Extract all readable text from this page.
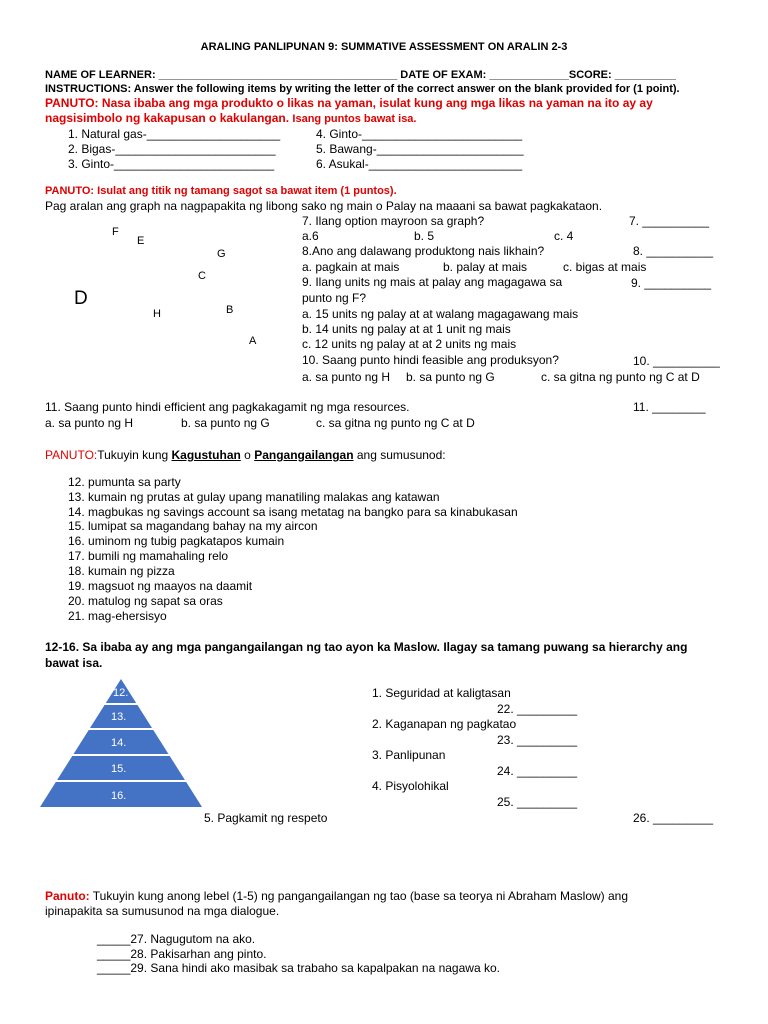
ARALING PANLIPUNAN 9: SUMMATIVE ASSESSMENT ON ARALIN 2-3
NAME OF LEARNER: _______________________________________ DATE OF EXAM: _____________SCORE: __________
INSTRUCTIONS: Answer the following items by writing the letter of the correct answer on the blank provided for (1 point).
PANUTO: Nasa ibaba ang mga produkto o likas na yaman, isulat kung ang mga likas na yaman na ito ay ay
nagsisimbolo ng kakapusan o kakulangan. Isang puntos bawat isa.
1. Natural gas-____________________
2. Bigas-________________________
3. Ginto-________________________
4. Ginto-________________________
5. Bawang-______________________
6. Asukal-_______________________
PANUTO: Isulat ang titik ng tamang sagot sa bawat item (1 puntos).
Pag aralan ang graph na nagpapakita ng libong sako ng main o Palay na maaani sa bawat pagkakataon.
F
E
G
C
D
H	B
A
7. Ilang option mayroon sa graph?	7. __________
a.6	b. 5	c. 4
8.Ano ang dalawang produktong nais likhain?	8. __________
a. pagkain at mais	b. palay at mais	c. bigas at mais
9. Ilang units ng mais at palay ang magagawa sa	9. __________
punto ng F?
a. 15 units ng palay at at walang magagawang mais
b. 14 units ng palay at at 1 unit ng mais
c. 12 units ng palay at at 2 units ng mais
10. Saang punto hindi feasible ang produksyon?	10. __________
a. sa punto ng H b. sa punto ng G	c. sa gitna ng punto ng C at D
11. Saang punto hindi efficient ang pagkakagamit ng mga resources.	11. ________
a. sa punto ng H	b. sa punto ng G	c. sa gitna ng punto ng C at D
PANUTO:Tukuyin kung Kagustuhan o Pangangailangan ang sumusunod:
12. pumunta sa party
13. kumain ng prutas at gulay upang manatiling malakas ang katawan
14. magbukas ng savings account sa isang metatag na bangko para sa kinabukasan
15. lumipat sa magandang bahay na my aircon
16. uminom ng tubig pagkatapos kumain
17. bumili ng mamahaling relo
18. kumain ng pizza
19. magsuot ng maayos na daamit
20. matulog ng sapat sa oras
21. mag-ehersisyo
12-16. Sa ibaba ay ang mga pangangailangan ng tao ayon ka Maslow. Ilagay sa tamang puwang sa hierarchy ang
bawat isa.
12.
13.
14.
15.
16.
1. Seguridad at kaligtasan
22. _________
2. Kaganapan ng pagkatao
23. _________
3. Panlipunan
24. _________
4. Pisyolohikal
25. _________
5. Pagkamit ng respeto	26. _________
Panuto: Tukuyin kung anong lebel (1-5) ng pangangailangan ng tao (base sa teorya ni Abraham Maslow) ang
ipinapakita sa sumusunod na mga dialogue.
_____27. Nagugutom na ako.
_____28. Pakisarhan ang pinto.
_____29. Sana hindi ako masibak sa trabaho sa kapalpakan na nagawa ko.
